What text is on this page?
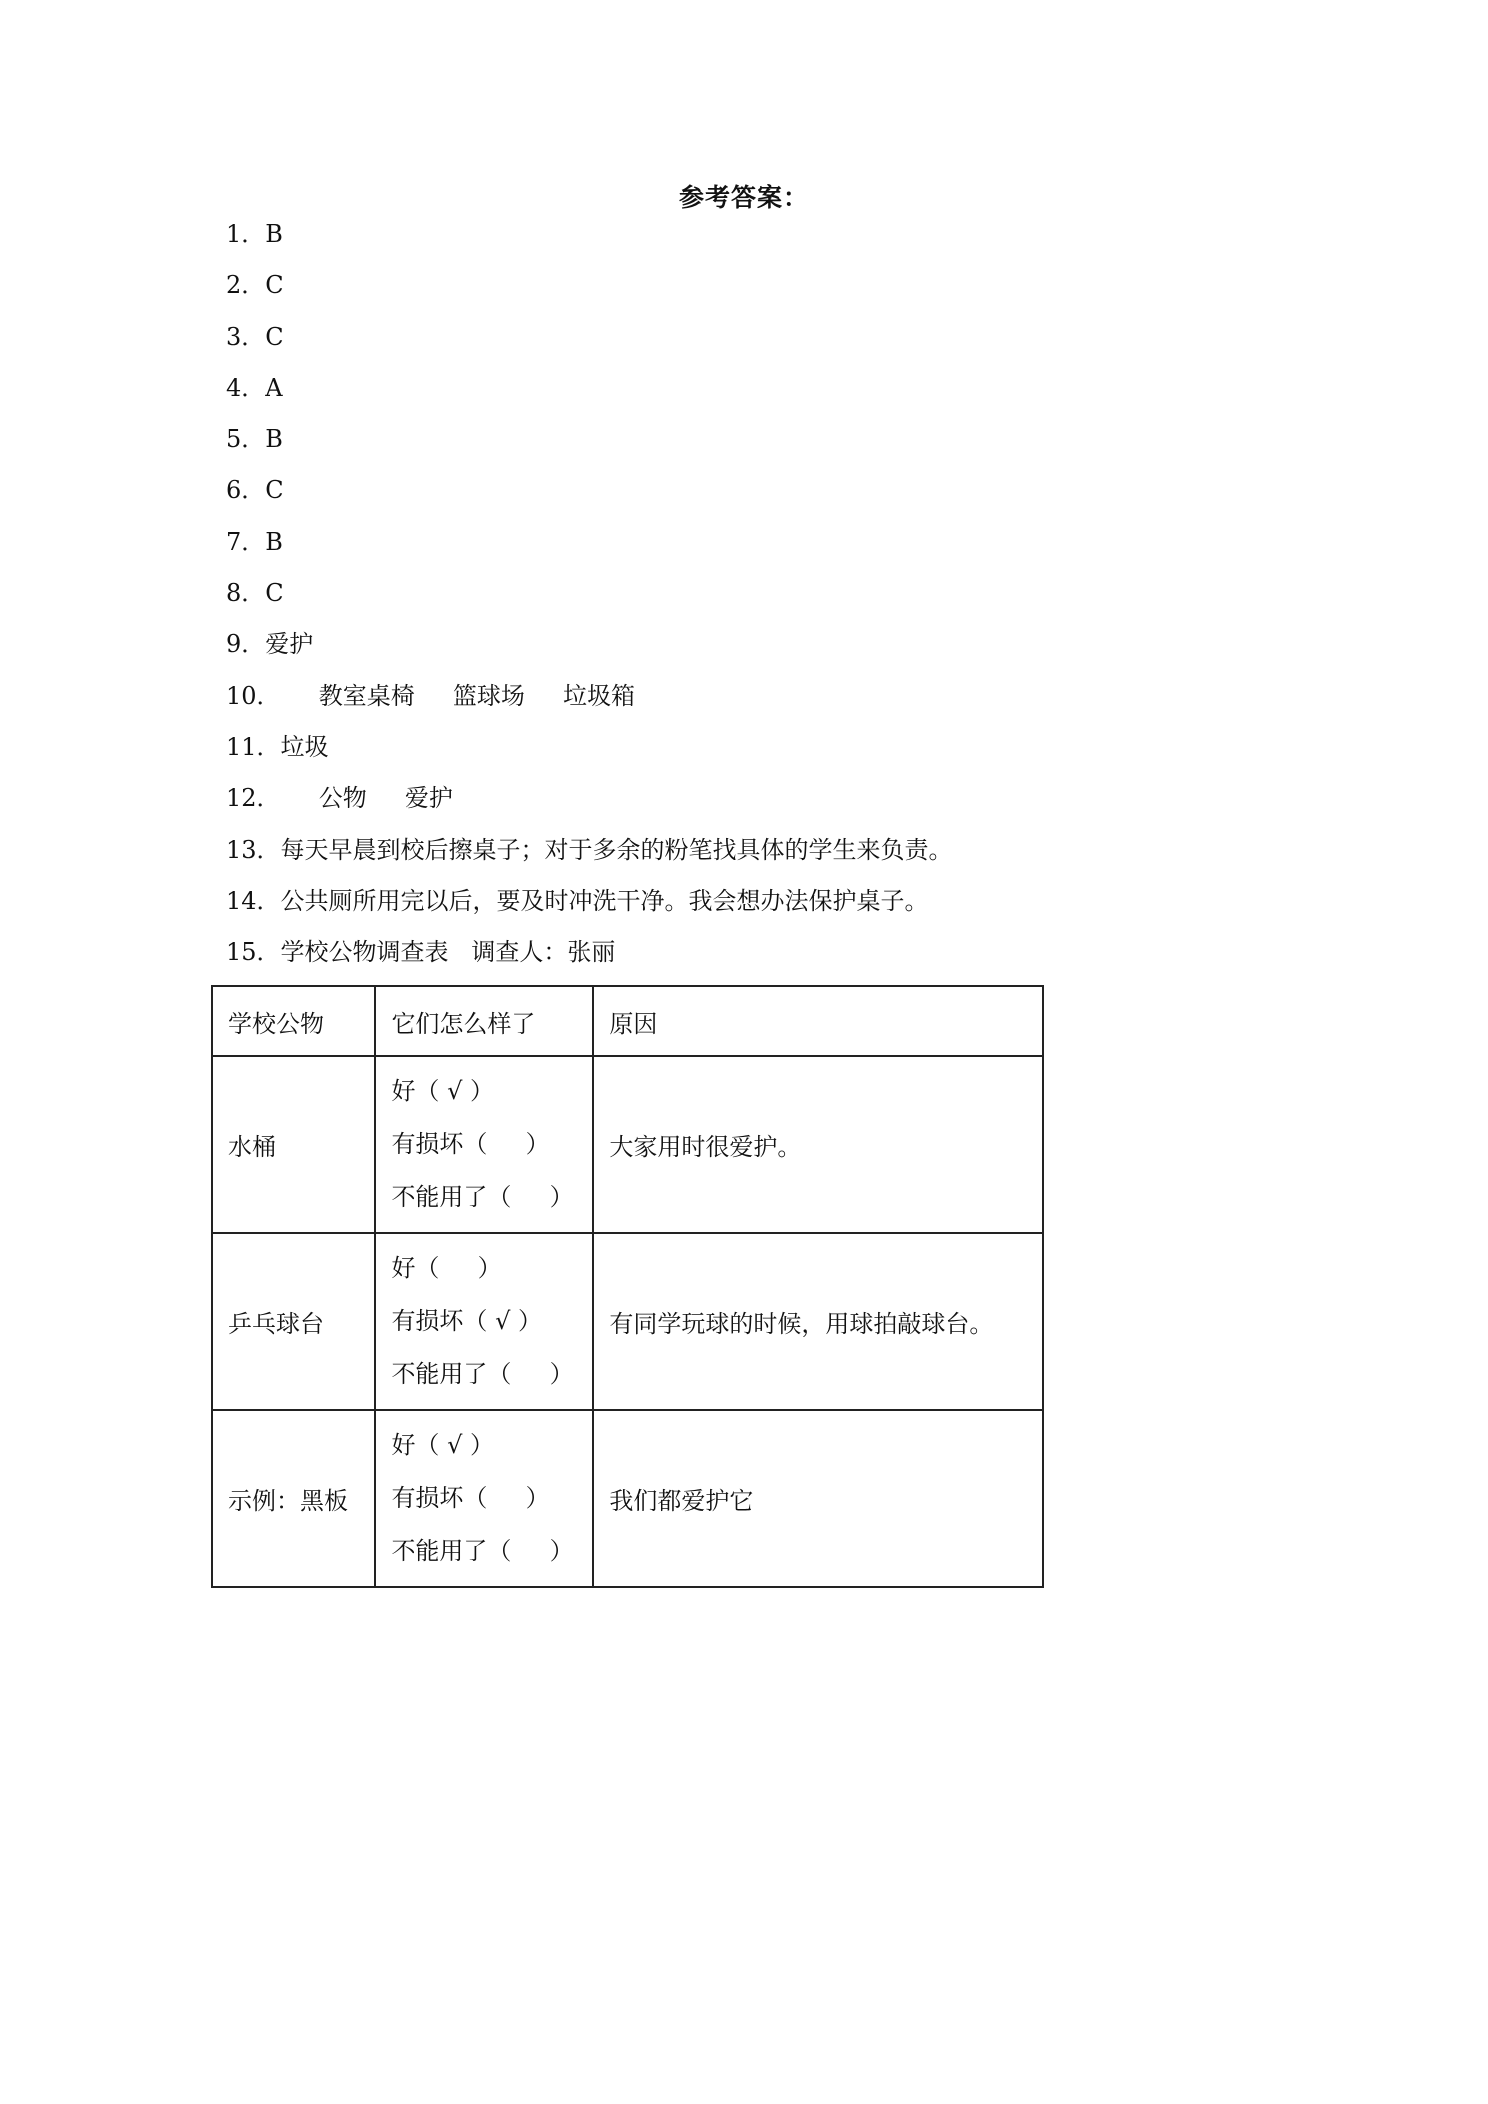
参考答案：
1．B
2．C
3．C
4．A
5．B
6．C
7．B
8．C
9．爱护
10．     教室桌椅     篮球场     垃圾箱
11．垃圾
12．     公物     爱护
13．每天早晨到校后擦桌子；对于多余的粉笔找具体的学生来负责。
14．公共厕所用完以后，要及时冲洗干净。我会想办法保护桌子。
15．学校公物调查表   调查人：张丽
学校公物	它们怎么样了	原因
水桶	好（ √ ）
有损坏（     ）
不能用了（     ）	大家用时很爱护。
乒乓球台	好（     ）
有损坏（ √ ）
不能用了（     ）	有同学玩球的时候，用球拍敲球台。
示例：黑板	好（ √ ）
有损坏（     ）
不能用了（     ）	我们都爱护它
